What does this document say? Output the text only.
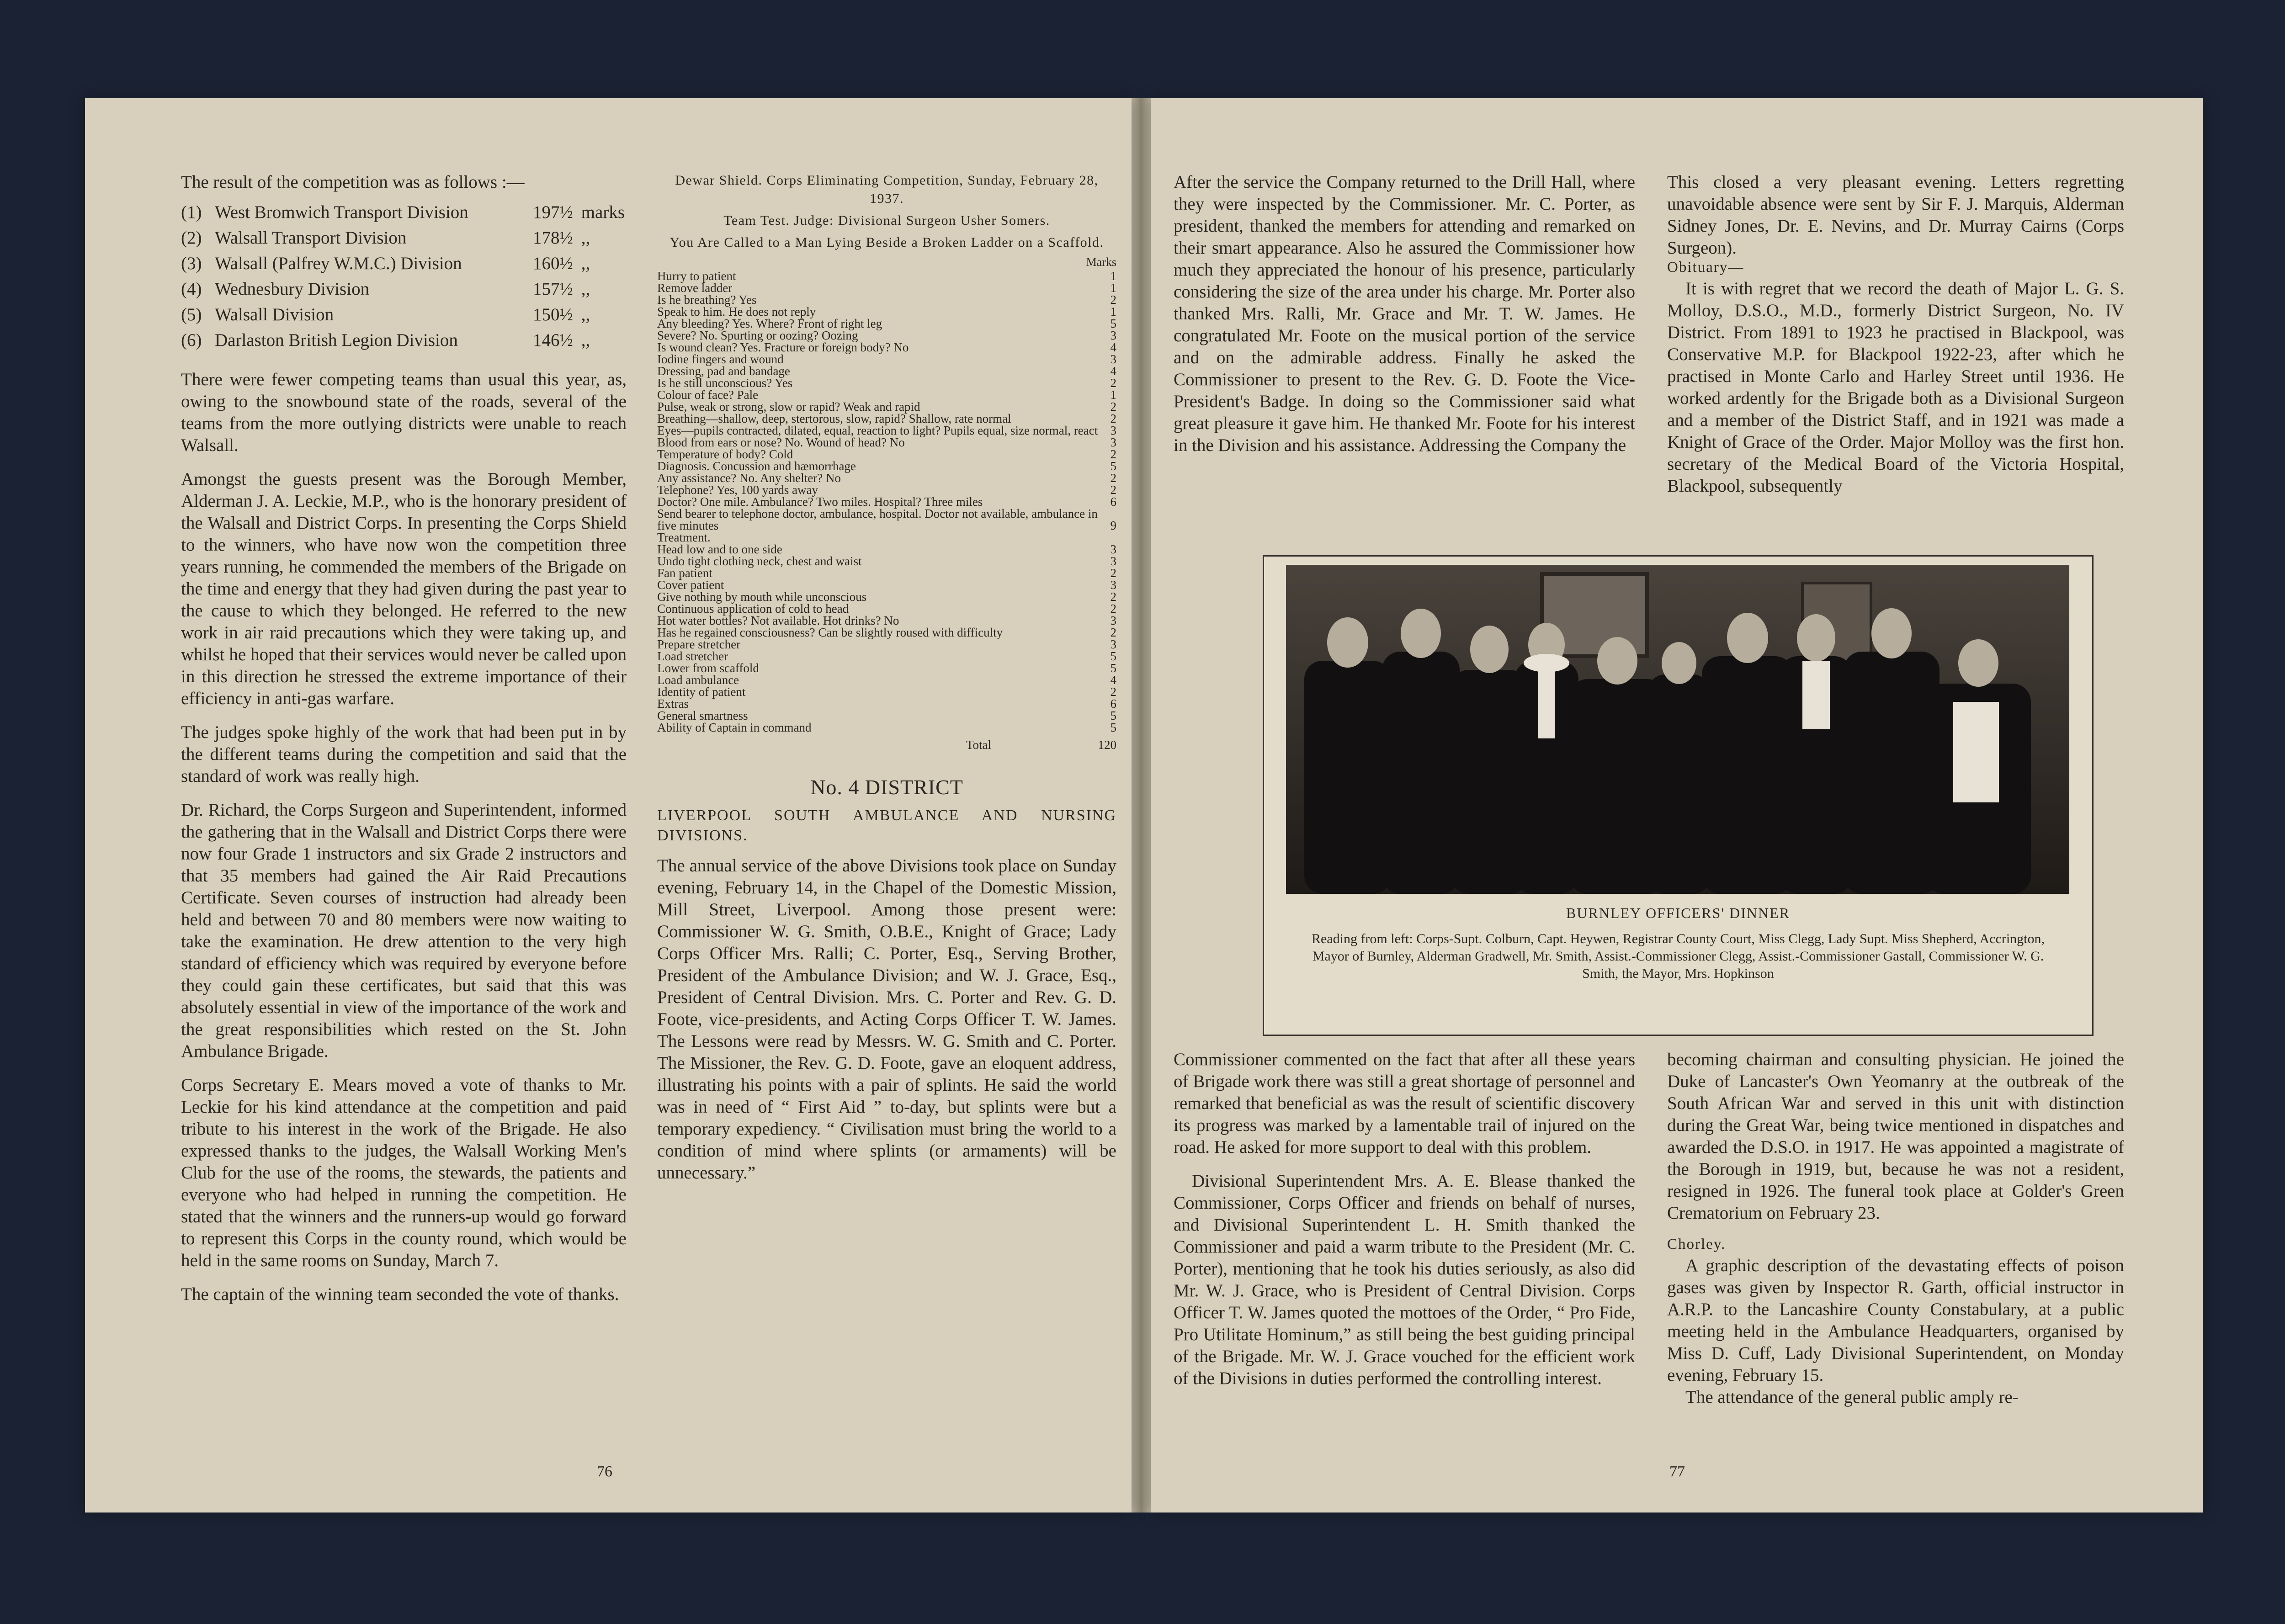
The result of the competition was as follows :—

(1)	West Bromwich Transport Division	197½	marks
(2)	Walsall Transport Division	178½	,,
(3)	Walsall (Palfrey W.M.C.) Division	160½	,,
(4)	Wednesbury Division	157½	,,
(5)	Walsall Division	150½	,,
(6)	Darlaston British Legion Division	146½	,,

There were fewer competing teams than usual this year, as, owing to the snowbound state of the roads, several of the teams from the more outlying districts were unable to reach Walsall.

Amongst the guests present was the Borough Member, Alderman J. A. Leckie, M.P., who is the honorary president of the Walsall and District Corps. In presenting the Corps Shield to the winners, who have now won the competition three years running, he commended the members of the Brigade on the time and energy that they had given during the past year to the cause to which they belonged. He referred to the new work in air raid precautions which they were taking up, and whilst he hoped that their services would never be called upon in this direction he stressed the extreme importance of their efficiency in anti-gas warfare.

The judges spoke highly of the work that had been put in by the different teams during the competition and said that the standard of work was really high.

Dr. Richard, the Corps Surgeon and Superintendent, informed the gathering that in the Walsall and District Corps there were now four Grade 1 instructors and six Grade 2 instructors and that 35 members had gained the Air Raid Precautions Certificate. Seven courses of instruction had already been held and between 70 and 80 members were now waiting to take the examination. He drew attention to the very high standard of efficiency which was required by everyone before they could gain these certificates, but said that this was absolutely essential in view of the importance of the work and the great responsibilities which rested on the St. John Ambulance Brigade.

Corps Secretary E. Mears moved a vote of thanks to Mr. Leckie for his kind attendance at the competition and paid tribute to his interest in the work of the Brigade. He also expressed thanks to the judges, the Walsall Working Men's Club for the use of the rooms, the stewards, the patients and everyone who had helped in running the competition. He stated that the winners and the runners-up would go forward to represent this Corps in the county round, which would be held in the same rooms on Sunday, March 7.

The captain of the winning team seconded the vote of thanks.

Dewar Shield. Corps Eliminating Competition, Sunday, February 28, 1937.

Team Test. Judge: Divisional Surgeon Usher Somers.

You Are Called to a Man Lying Beside a Broken Ladder on a Scaffold.

Marks
Hurry to patient	1
Remove ladder	1
Is he breathing? Yes	2
Speak to him. He does not reply	1
Any bleeding? Yes. Where? Front of right leg	5
Severe? No. Spurting or oozing? Oozing	3
Is wound clean? Yes. Fracture or foreign body? No	4
Iodine fingers and wound	3
Dressing, pad and bandage	4
Is he still unconscious? Yes	2
Colour of face? Pale	1
Pulse, weak or strong, slow or rapid? Weak and rapid	2
Breathing—shallow, deep, stertorous, slow, rapid? Shallow, rate normal	2
Eyes—pupils contracted, dilated, equal, reaction to light? Pupils equal, size normal, react	3
Blood from ears or nose? No. Wound of head? No	3
Temperature of body? Cold	2
Diagnosis. Concussion and hæmorrhage	5
Any assistance? No. Any shelter? No	2
Telephone? Yes, 100 yards away	2
Doctor? One mile. Ambulance? Two miles. Hospital? Three miles	6
Send bearer to telephone doctor, ambulance, hospital. Doctor not available, ambulance in five minutes	9
Treatment.	
Head low and to one side	3
Undo tight clothing neck, chest and waist	3
Fan patient	2
Cover patient	3
Give nothing by mouth while unconscious	2
Continuous application of cold to head	2
Hot water bottles? Not available. Hot drinks? No	3
Has he regained consciousness? Can be slightly roused with difficulty	2
Prepare stretcher	3
Load stretcher	5
Lower from scaffold	5
Load ambulance	4
Identity of patient	2
Extras	6
General smartness	5
Ability of Captain in command	5
Total	120
No. 4 DISTRICT

LIVERPOOL SOUTH AMBULANCE AND NURSING DIVISIONS.

The annual service of the above Divisions took place on Sunday evening, February 14, in the Chapel of the Domestic Mission, Mill Street, Liverpool. Among those present were: Commissioner W. G. Smith, O.B.E., Knight of Grace; Lady Corps Officer Mrs. Ralli; C. Porter, Esq., Serving Brother, President of the Ambulance Division; and W. J. Grace, Esq., President of Central Division. Mrs. C. Porter and Rev. G. D. Foote, vice-presidents, and Acting Corps Officer T. W. James. The Lessons were read by Messrs. W. G. Smith and C. Porter. The Missioner, the Rev. G. D. Foote, gave an eloquent address, illustrating his points with a pair of splints. He said the world was in need of “ First Aid ” to-day, but splints were but a temporary expediency. “ Civilisation must bring the world to a condition of mind where splints (or armaments) will be unnecessary.”

76

After the service the Company returned to the Drill Hall, where they were inspected by the Commissioner. Mr. C. Porter, as president, thanked the members for attending and remarked on their smart appearance. Also he assured the Commissioner how much they appreciated the honour of his presence, particularly considering the size of the area under his charge. Mr. Porter also thanked Mrs. Ralli, Mr. Grace and Mr. T. W. James. He congratulated Mr. Foote on the musical portion of the service and on the admirable address. Finally he asked the Commissioner to present to the Rev. G. D. Foote the Vice-President's Badge. In doing so the Commissioner said what great pleasure it gave him. He thanked Mr. Foote for his interest in the Division and his assistance. Addressing the Company the

This closed a very pleasant evening. Letters regretting unavoidable absence were sent by Sir F. J. Marquis, Alderman Sidney Jones, Dr. E. Nevins, and Dr. Murray Cairns (Corps Surgeon).

Obituary—

It is with regret that we record the death of Major L. G. S. Molloy, D.S.O., M.D., formerly District Surgeon, No. IV District. From 1891 to 1923 he practised in Blackpool, was Conservative M.P. for Blackpool 1922-23, after which he practised in Monte Carlo and Harley Street until 1936. He worked ardently for the Brigade both as a Divisional Surgeon and a member of the District Staff, and in 1921 was made a Knight of Grace of the Order. Major Molloy was the first hon. secretary of the Medical Board of the Victoria Hospital, Blackpool, subsequently

BURNLEY OFFICERS' DINNER
Reading from left: Corps-Supt. Colburn, Capt. Heywen, Registrar County Court, Miss Clegg, Lady Supt. Miss Shepherd, Accrington, Mayor of Burnley, Alderman Gradwell, Mr. Smith, Assist.-Commissioner Clegg, Assist.-Commissioner Gastall, Commissioner W. G. Smith, the Mayor, Mrs. Hopkinson

Commissioner commented on the fact that after all these years of Brigade work there was still a great shortage of personnel and remarked that beneficial as was the result of scientific discovery its progress was marked by a lamentable trail of injured on the road. He asked for more support to deal with this problem.

Divisional Superintendent Mrs. A. E. Blease thanked the Commissioner, Corps Officer and friends on behalf of nurses, and Divisional Superintendent L. H. Smith thanked the Commissioner and paid a warm tribute to the President (Mr. C. Porter), mentioning that he took his duties seriously, as also did Mr. W. J. Grace, who is President of Central Division. Corps Officer T. W. James quoted the mottoes of the Order, “ Pro Fide, Pro Utilitate Hominum,” as still being the best guiding principal of the Brigade. Mr. W. J. Grace vouched for the efficient work of the Divisions in duties performed the controlling interest.

becoming chairman and consulting physician. He joined the Duke of Lancaster's Own Yeomanry at the outbreak of the South African War and served in this unit with distinction during the Great War, being twice mentioned in dispatches and awarded the D.S.O. in 1917. He was appointed a magistrate of the Borough in 1919, but, because he was not a resident, resigned in 1926. The funeral took place at Golder's Green Crematorium on February 23.

Chorley.

A graphic description of the devastating effects of poison gases was given by Inspector R. Garth, official instructor in A.R.P. to the Lancashire County Constabulary, at a public meeting held in the Ambulance Headquarters, organised by Miss D. Cuff, Lady Divisional Superintendent, on Monday evening, February 15.

The attendance of the general public amply re-

77
